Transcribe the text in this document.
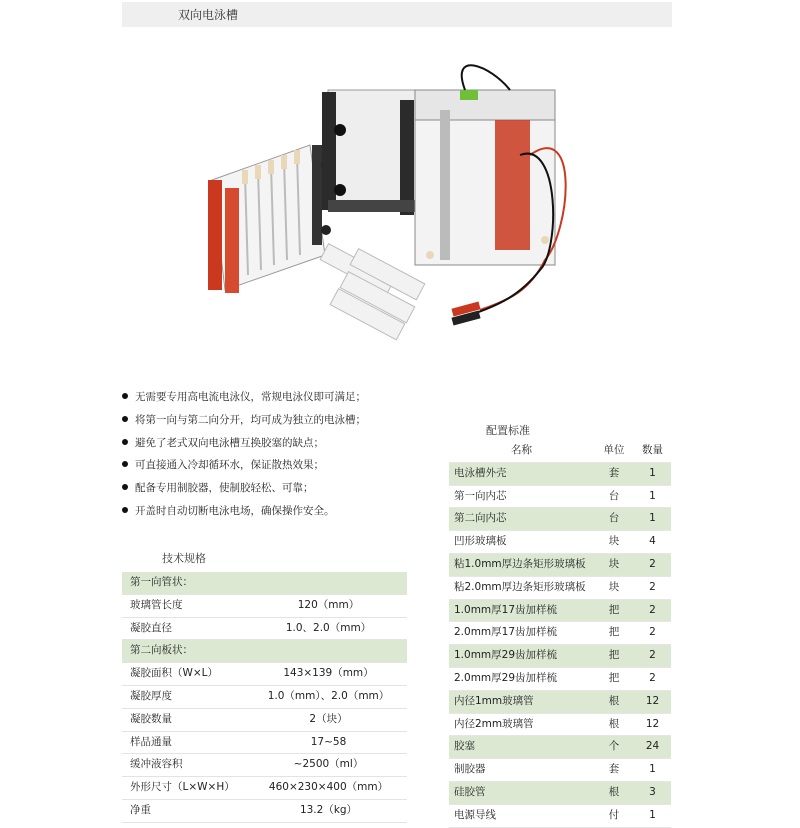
双向电泳槽
无需要专用高电流电泳仪，常规电泳仪即可满足；
将第一向与第二向分开，均可成为独立的电泳槽；
避免了老式双向电泳槽互换胶塞的缺点；
可直接通入冷却循环水，保证散热效果；
配备专用制胶器，使制胶轻松、可靠；
开盖时自动切断电泳电场，确保操作安全。
技术规格
第一向管状：	
玻璃管长度	120（mm）
凝胶直径	1.0、2.0（mm）
第二向板状：	
凝胶面积（W×L）	143×139（mm）
凝胶厚度	1.0（mm）、2.0（mm）
凝胶数量	2（块）
样品通量	17~58
缓冲液容积	~2500（ml）
外形尺寸（L×W×H）	460×230×400（mm）
净重	13.2（kg）
配置标准
名称	单位	数量
电泳槽外壳	套	1
第一向内芯	台	1
第二向内芯	台	1
凹形玻璃板	块	4
粘1.0mm厚边条矩形玻璃板	块	2
粘2.0mm厚边条矩形玻璃板	块	2
1.0mm厚17齿加样梳	把	2
2.0mm厚17齿加样梳	把	2
1.0mm厚29齿加样梳	把	2
2.0mm厚29齿加样梳	把	2
内径1mm玻璃管	根	12
内径2mm玻璃管	根	12
胶塞	个	24
制胶器	套	1
硅胶管	根	3
电源导线	付	1
